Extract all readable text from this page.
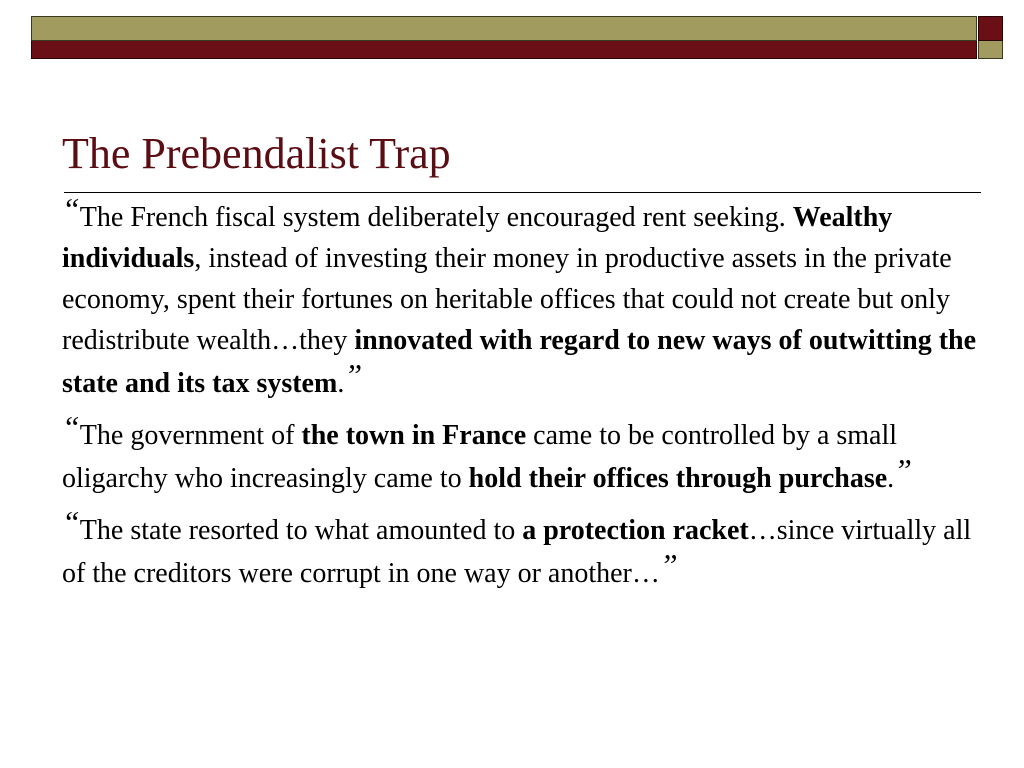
The Prebendalist Trap

“The French fiscal system deliberately encouraged rent seeking. Wealthy individuals, instead of investing their money in productive assets in the private economy, spent their fortunes on heritable offices that could not create but only redistribute wealth…they innovated with regard to new ways of outwitting the state and its tax system.”

“The government of the town in France came to be controlled by a small oligarchy who increasingly came to hold their offices through purchase.”

“The state resorted to what amounted to a protection racket…since virtually all of the creditors were corrupt in one way or another…”
